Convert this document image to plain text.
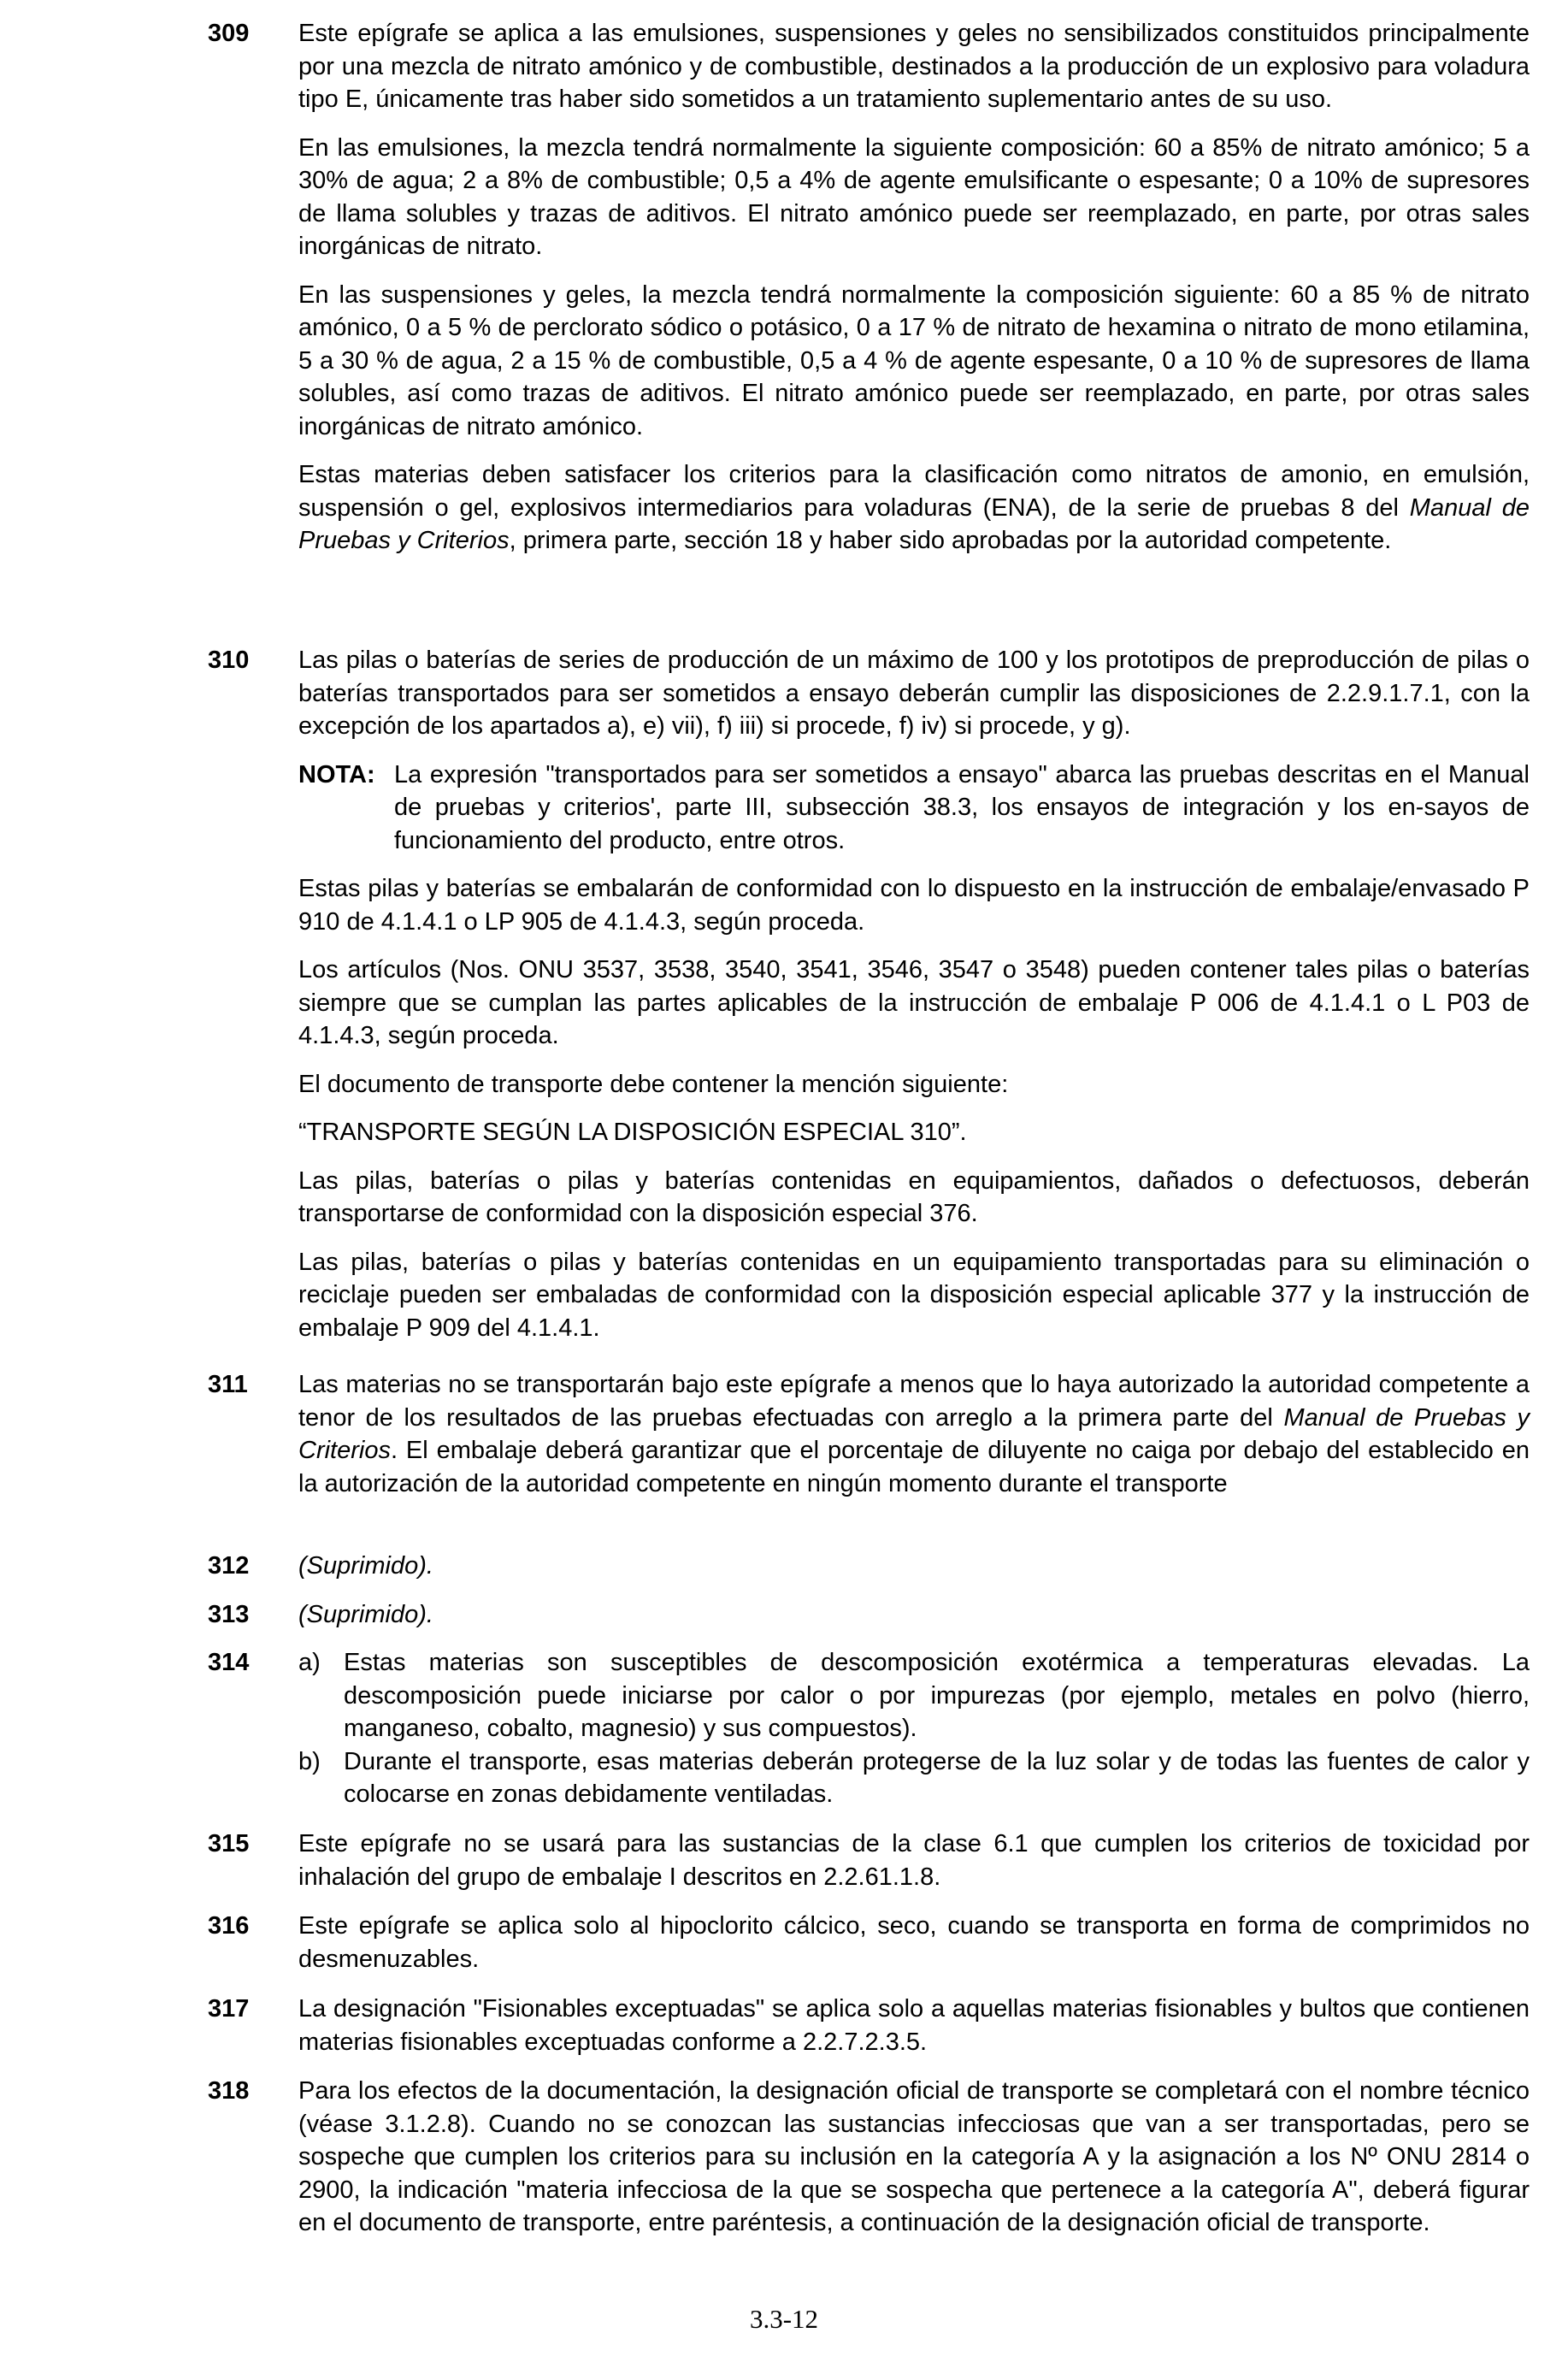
309	Este epígrafe se aplica a las emulsiones, suspensiones y geles no sensibilizados constituidos principalmente por una mezcla de nitrato amónico y de combustible, destinados a la producción de un explosivo para voladura tipo E, únicamente tras haber sido sometidos a un tratamiento suplementario antes de su uso.

En las emulsiones, la mezcla tendrá normalmente la siguiente composición: 60 a 85% de nitrato amónico; 5 a 30% de agua; 2 a 8% de combustible; 0,5 a 4% de agente emulsificante o espesante; 0 a 10% de supresores de llama solubles y trazas de aditivos. El nitrato amónico puede ser reemplazado, en parte, por otras sales inorgánicas de nitrato.

En las suspensiones y geles, la mezcla tendrá normalmente la composición siguiente: 60 a 85 % de nitrato amónico, 0 a 5 % de perclorato sódico o potásico, 0 a 17 % de nitrato de hexamina o nitrato de mono etilamina, 5 a 30 % de agua, 2 a 15 % de combustible, 0,5 a 4 % de agente espesante, 0 a 10 % de supresores de llama solubles, así como trazas de aditivos. El nitrato amónico puede ser reemplazado, en parte, por otras sales inorgánicas de nitrato amónico.

Estas materias deben satisfacer los criterios para la clasificación como nitratos de amonio, en emulsión, suspensión o gel, explosivos intermediarios para voladuras (ENA), de la serie de pruebas 8 del Manual de Pruebas y Criterios, primera parte, sección 18 y haber sido aprobadas por la autoridad competente.

310	Las pilas o baterías de series de producción de un máximo de 100 y los prototipos de preproducción de pilas o baterías transportados para ser sometidos a ensayo deberán cumplir las disposiciones de 2.2.9.1.7.1, con la excepción de los apartados a), e) vii), f) iii) si procede, f) iv) si procede, y g).

NOTA: La expresión "transportados para ser sometidos a ensayo" abarca las pruebas descritas en el Manual de pruebas y criterios', parte III, subsección 38.3, los ensayos de integración y los en-sayos de funcionamiento del producto, entre otros.

Estas pilas y baterías se embalarán de conformidad con lo dispuesto en la instrucción de embalaje/envasado P 910 de 4.1.4.1 o LP 905 de 4.1.4.3, según proceda.

Los artículos (Nos. ONU 3537, 3538, 3540, 3541, 3546, 3547 o 3548) pueden contener tales pilas o baterías siempre que se cumplan las partes aplicables de la instrucción de embalaje P 006 de 4.1.4.1 o L P03 de 4.1.4.3, según proceda.

El documento de transporte debe contener la mención siguiente:

“TRANSPORTE SEGÚN LA DISPOSICIÓN ESPECIAL 310”.

Las pilas, baterías o pilas y baterías contenidas en equipamientos, dañados o defectuosos, deberán transportarse de conformidad con la disposición especial 376.

Las pilas, baterías o pilas y baterías contenidas en un equipamiento transportadas para su eliminación o reciclaje pueden ser embaladas de conformidad con la disposición especial aplicable 377 y la instrucción de embalaje P 909 del 4.1.4.1.

311	Las materias no se transportarán bajo este epígrafe a menos que lo haya autorizado la autoridad competente a tenor de los resultados de las pruebas efectuadas con arreglo a la primera parte del Manual de Pruebas y Criterios. El embalaje deberá garantizar que el porcentaje de diluyente no caiga por debajo del establecido en la autorización de la autoridad competente en ningún momento durante el transporte

312	(Suprimido).

313	(Suprimido).

314	a) Estas materias son susceptibles de descomposición exotérmica a temperaturas elevadas. La descomposición puede iniciarse por calor o por impurezas (por ejemplo, metales en polvo (hierro, manganeso, cobalto, magnesio) y sus compuestos).
b) Durante el transporte, esas materias deberán protegerse de la luz solar y de todas las fuentes de calor y colocarse en zonas debidamente ventiladas.
315	Este epígrafe no se usará para las sustancias de la clase 6.1 que cumplen los criterios de toxicidad por inhalación del grupo de embalaje I descritos en 2.2.61.1.8.

316	Este epígrafe se aplica solo al hipoclorito cálcico, seco, cuando se transporta en forma de comprimidos no desmenuzables.

317	La designación "Fisionables exceptuadas" se aplica solo a aquellas materias fisionables y bultos que contienen materias fisionables exceptuadas conforme a 2.2.7.2.3.5.

318	Para los efectos de la documentación, la designación oficial de transporte se completará con el nombre técnico (véase 3.1.2.8). Cuando no se conozcan las sustancias infecciosas que van a ser transportadas, pero se sospeche que cumplen los criterios para su inclusión en la categoría A y la asignación a los Nº ONU 2814 o 2900, la indicación "materia infecciosa de la que se sospecha que pertenece a la categoría A", deberá figurar en el documento de transporte, entre paréntesis, a continuación de la designación oficial de transporte.

3.3-12
